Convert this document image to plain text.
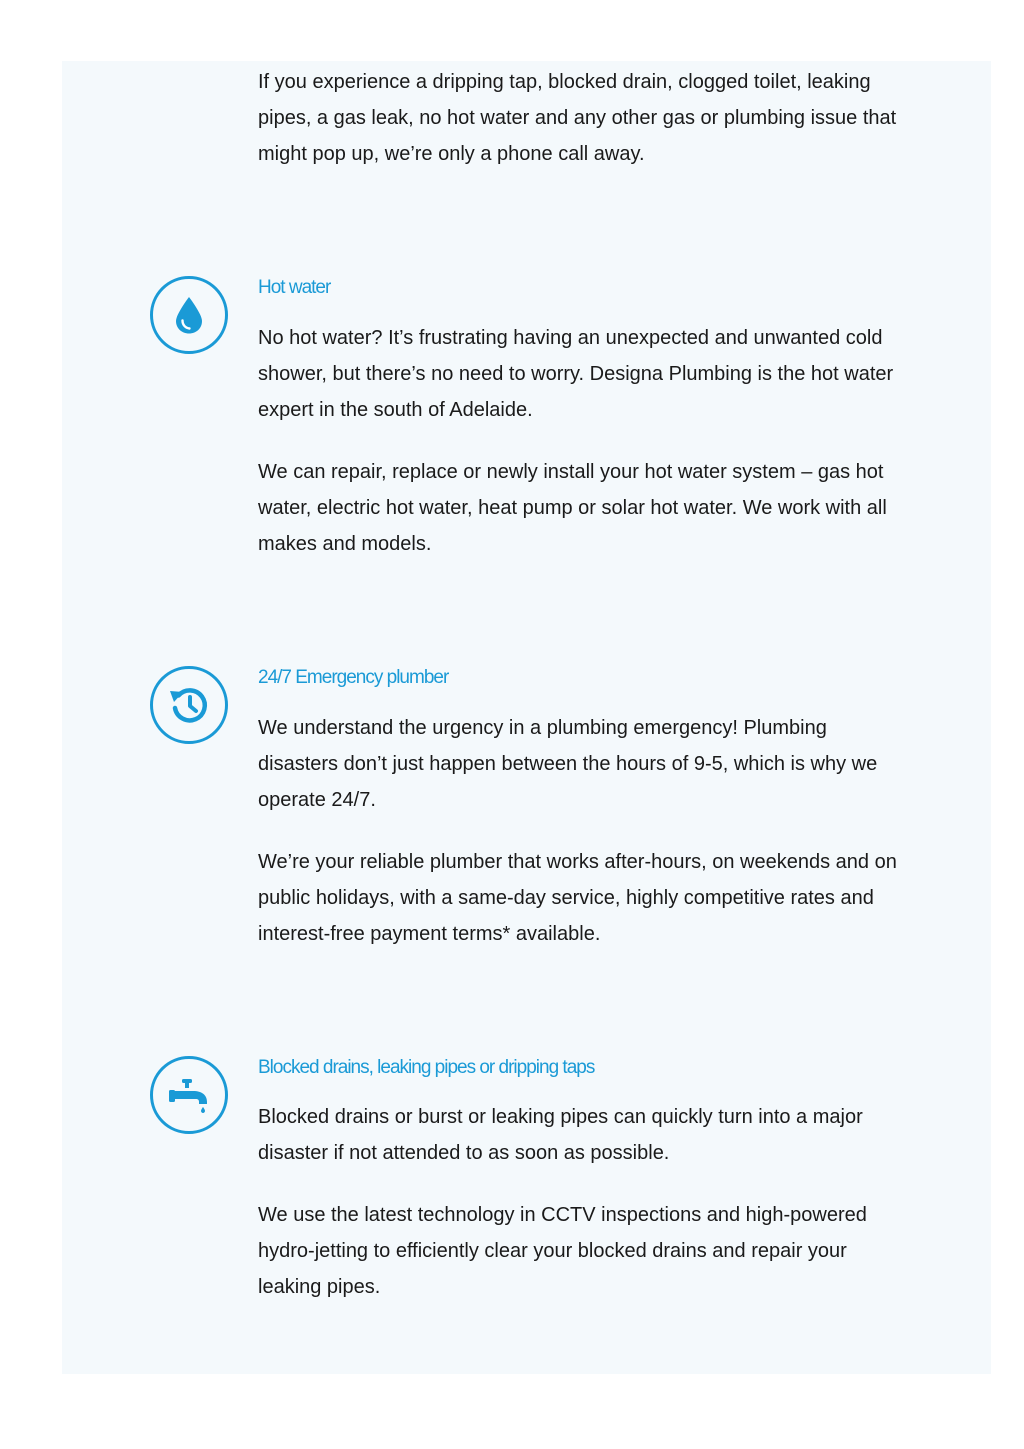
If you experience a dripping tap, blocked drain, clogged toilet, leaking pipes, a gas leak, no hot water and any other gas or plumbing issue that might pop up, we’re only a phone call away.

Hot water

No hot water? It’s frustrating having an unexpected and unwanted cold shower, but there’s no need to worry. Designa Plumbing is the hot water expert in the south of Adelaide.

We can repair, replace or newly install your hot water system – gas hot water, electric hot water, heat pump or solar hot water. We work with all makes and models.

24/7 Emergency plumber

We understand the urgency in a plumbing emergency! Plumbing disasters don’t just happen between the hours of 9-5, which is why we operate 24/7.

We’re your reliable plumber that works after-hours, on weekends and on public holidays, with a same-day service, highly competitive rates and interest-free payment terms* available.

Blocked drains, leaking pipes or dripping taps

Blocked drains or burst or leaking pipes can quickly turn into a major disaster if not attended to as soon as possible.

We use the latest technology in CCTV inspections and high-powered hydro-jetting to efficiently clear your blocked drains and repair your leaking pipes.
